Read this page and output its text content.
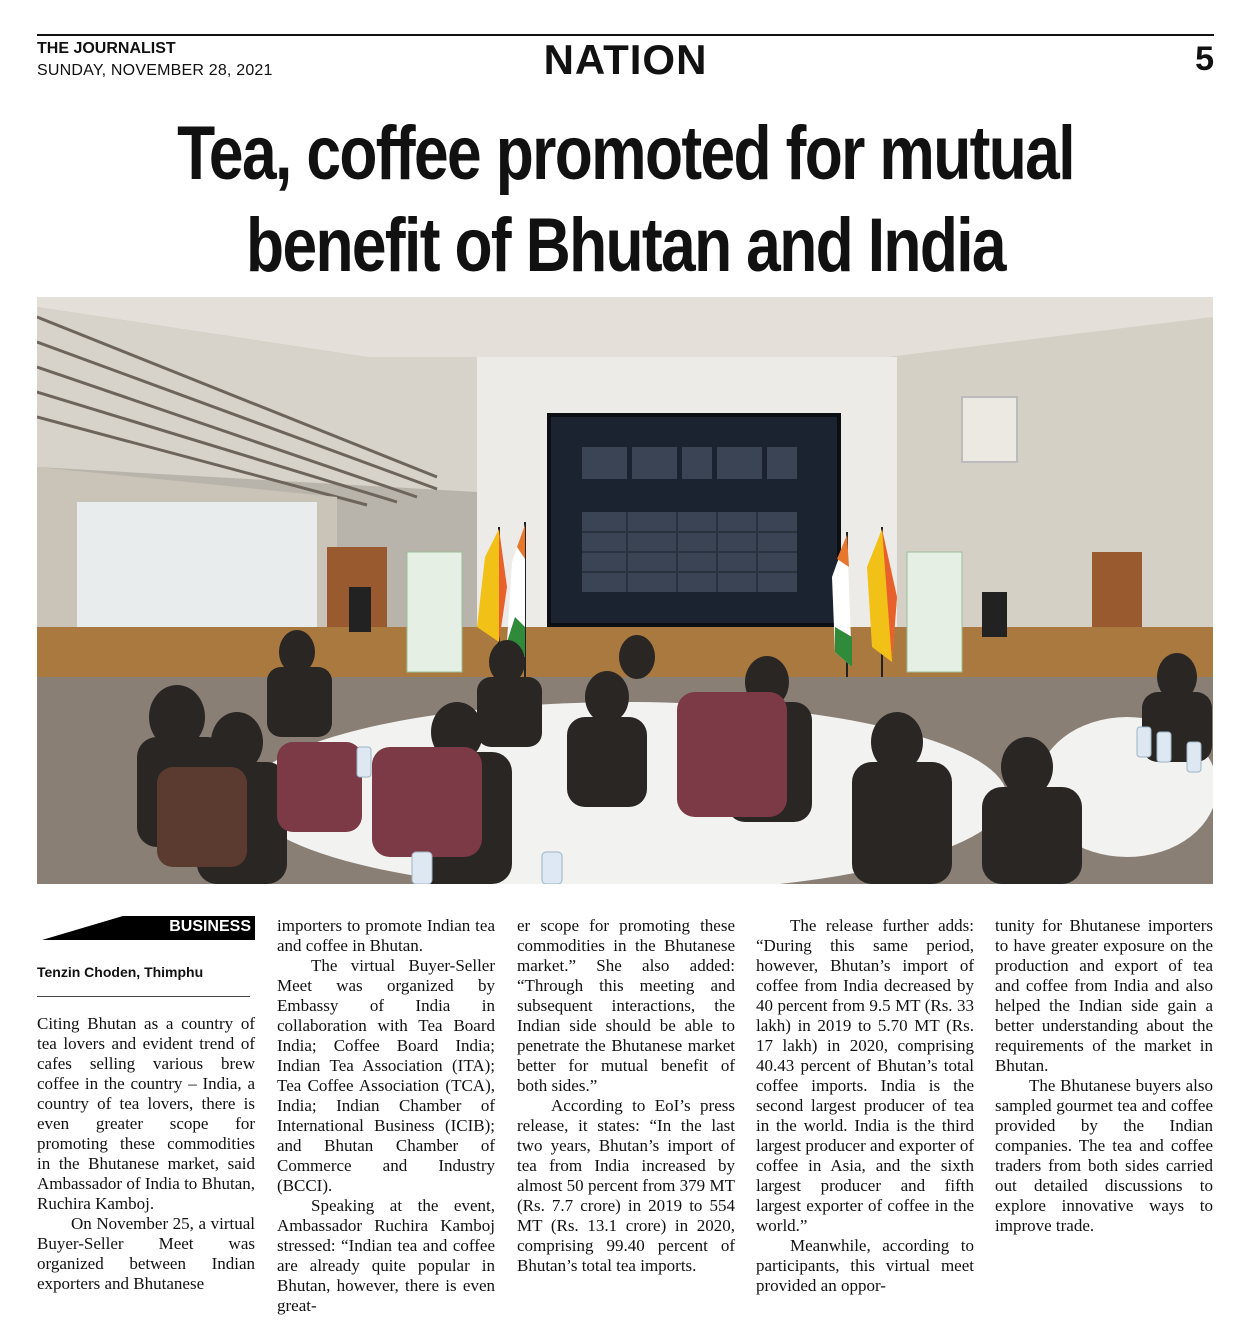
THE JOURNALIST
SUNDAY, NOVEMBER 28, 2021	NATION	5
Tea, coffee promoted for mutual
benefit of Bhutan and India
BUSINESS
Tenzin Choden, Thimphu

Citing Bhutan as a country of tea lovers and evident trend of cafes selling various brew coffee in the country – India, a country of tea lovers, there is even greater scope for promoting these commodities in the Bhutanese market, said Ambassador of India to Bhutan, Ruchira Kamboj.

On November 25, a virtual Buyer-Seller Meet was organized between Indian exporters and Bhutanese

importers to promote Indian tea and coffee in Bhutan.

The virtual Buyer-Seller Meet was organized by Embassy of India in collaboration with Tea Board India; Coffee Board India; Indian Tea Association (ITA); Tea Coffee Association (TCA), India; Indian Chamber of International Business (ICIB); and Bhutan Chamber of Commerce and Industry (BCCI).

Speaking at the event, Ambassador Ruchira Kamboj stressed: “Indian tea and coffee are already quite popular in Bhutan, however, there is even great-

er scope for promoting these commodities in the Bhutanese market.” She also added: “Through this meeting and subsequent interactions, the Indian side should be able to penetrate the Bhutanese market better for mutual benefit of both sides.”

According to EoI’s press release, it states: “In the last two years, Bhutan’s import of tea from India increased by almost 50 percent from 379 MT (Rs. 7.7 crore) in 2019 to 554 MT (Rs. 13.1 crore) in 2020, comprising 99.40 percent of Bhutan’s total tea imports.

The release further adds: “During this same period, however, Bhutan’s import of coffee from India decreased by 40 percent from 9.5 MT (Rs. 33 lakh) in 2019 to 5.70 MT (Rs. 17 lakh) in 2020, comprising 40.43 percent of Bhutan’s total coffee imports. India is the second largest producer of tea in the world. India is the third largest producer and exporter of coffee in Asia, and the sixth largest producer and fifth largest exporter of coffee in the world.”

Meanwhile, according to participants, this virtual meet provided an oppor-

tunity for Bhutanese importers to have greater exposure on the production and export of tea and coffee from India and also helped the Indian side gain a better understanding about the requirements of the market in Bhutan.

The Bhutanese buyers also sampled gourmet tea and coffee provided by the Indian companies. The tea and coffee traders from both sides carried out detailed discussions to explore innovative ways to improve trade.
